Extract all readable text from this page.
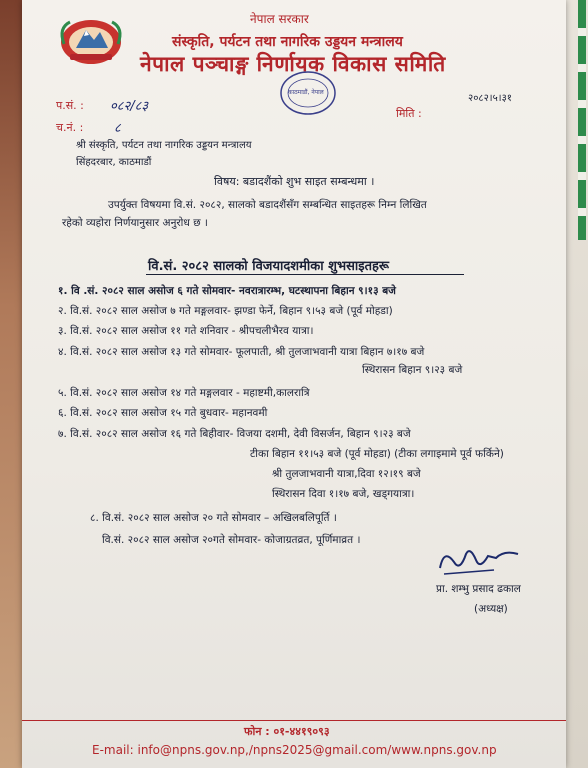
नेपाल सरकार
संस्कृति, पर्यटन तथा नागरिक उड्डयन मन्त्रालय
नेपाल पञ्चाङ्ग निर्णायक विकास समिति
काठमाडौं, नेपाल
प.सं. : ०८२/८३
च.नं. : ८
२०८२।५।३१
मिति :
श्री संस्कृति, पर्यटन तथा नागरिक उड्डयन मन्त्रालय
सिंहदरबार, काठमाडौं
विषय: बडादशैंको शुभ साइत सम्बन्धमा ।
उपर्युक्त विषयमा वि.सं. २०८२, सालको बडादशैंसँग सम्बन्धित साइतहरू निम्न लिखित
रहेको व्यहोरा निर्णयानुसार अनुरोध छ ।
वि.सं. २०८२ सालको विजयादशमीका शुभसाइतहरू
१. वि .सं. २०८२ साल असोज ६ गते सोमवार- नवरात्रारम्भ, घटस्थापना बिहान ९।१३ बजे
२. वि.सं. २०८२ साल असोज ७ गते मङ्गलवार- झण्डा फेर्ने, बिहान ९।५३ बजे (पूर्व मोहडा)
३. वि.सं. २०८२ साल असोज ११ गते शनिवार - श्रीपचलीभैरव यात्रा।
४. वि.सं. २०८२ साल असोज १३ गते सोमवार- फूलपाती, श्री तुलजाभवानी यात्रा बिहान ७।१७ बजे
स्थिरासन बिहान ९।२३ बजे
५. वि.सं. २०८२ साल असोज १४ गते मङ्गलवार - महाष्टमी,कालरात्रि
६. वि.सं. २०८२ साल असोज १५ गते बुधवार- महानवमी
७. वि.सं. २०८२ साल असोज १६ गते बिहीवार- विजया दशमी, देवी विसर्जन, बिहान ९।२३ बजे
टीका बिहान ११।५३ बजे (पूर्व मोहडा) (टीका लगाइमामे पूर्व फर्किने)
श्री तुलजाभवानी यात्रा,दिवा १२।१९ बजे
स्थिरासन दिवा १।१७ बजे, खड्गयात्रा।
८. वि.सं. २०८२ साल असोज २० गते सोमवार – अखिलबलिपूर्ति ।
वि.सं. २०८२ साल असोज २०गते सोमवार- कोजाग्रतव्रत, पूर्णिमाव्रत ।
प्रा. शम्भु प्रसाद ढकाल
(अध्यक्ष)
फोन : ०१-४४१९०९३
E-mail: info@npns.gov.np,/npns2025@gmail.com/www.npns.gov.np
